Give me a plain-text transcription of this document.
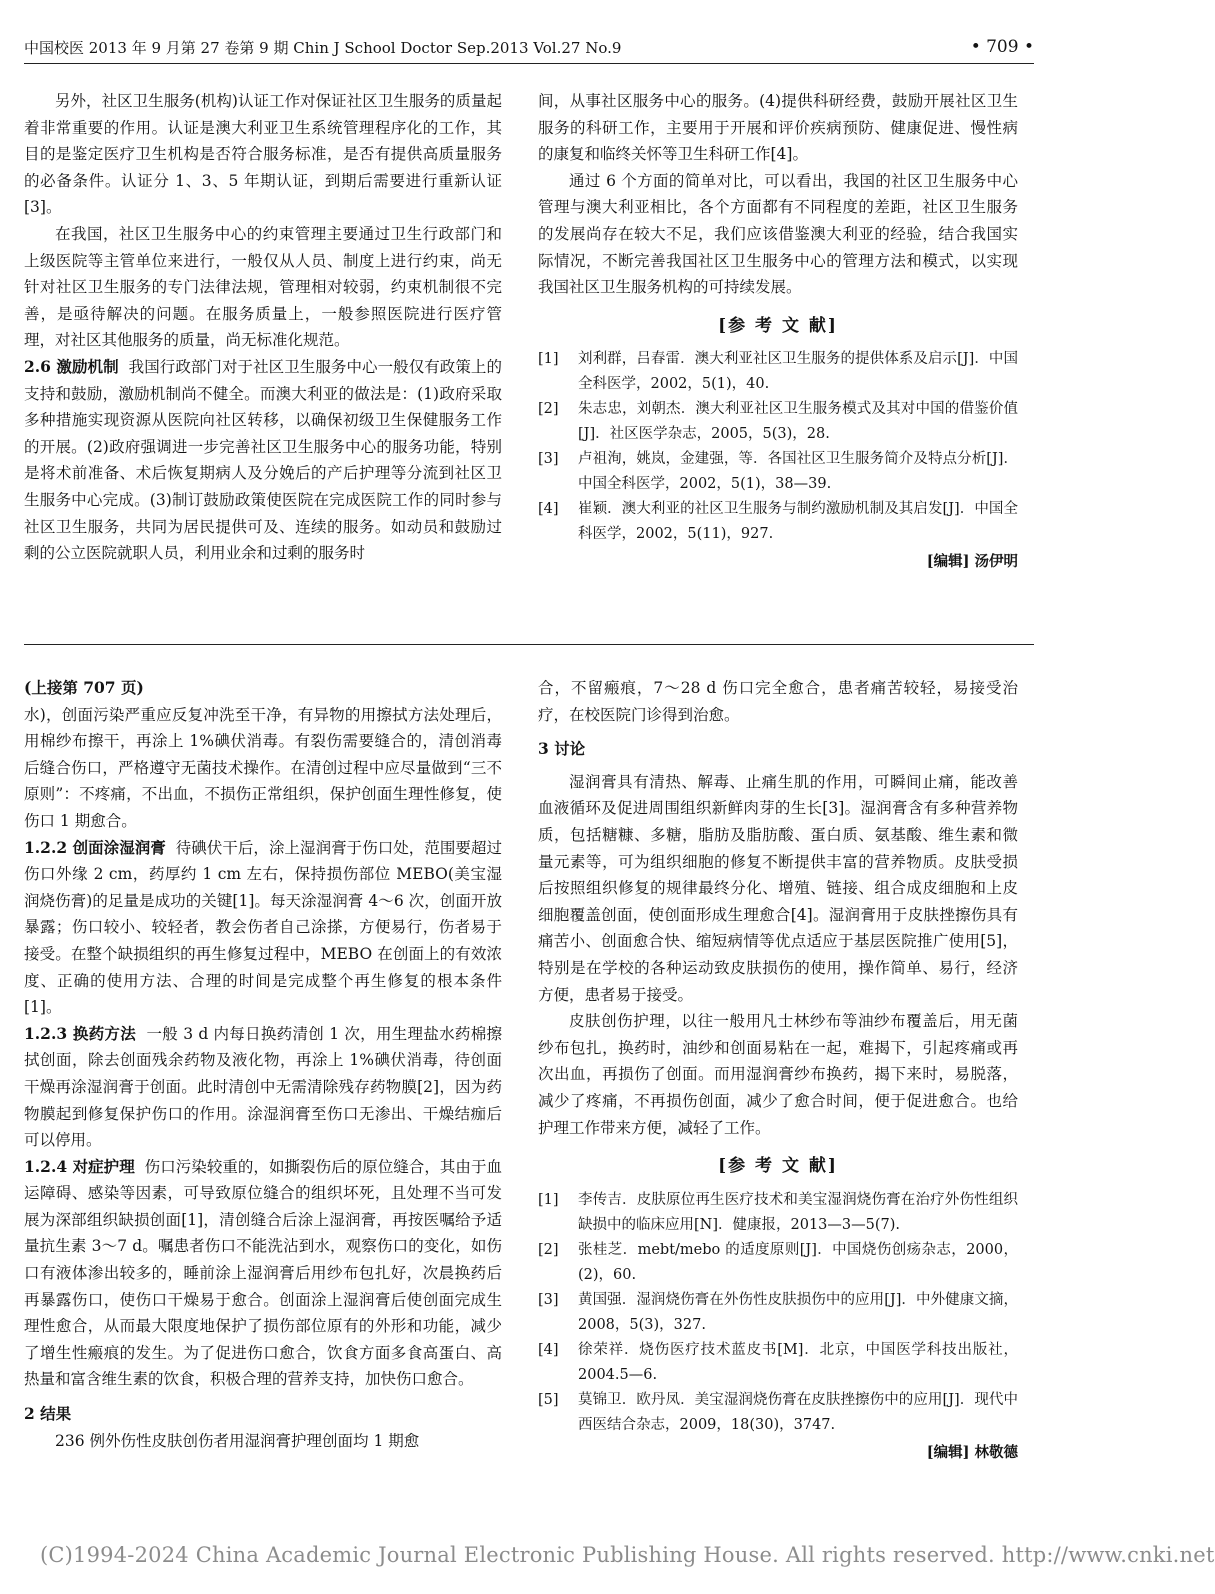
中国校医 2013 年 9 月第 27 卷第 9 期 Chin J School Doctor Sep.2013 Vol.27 No.9	• 709 •

另外，社区卫生服务(机构)认证工作对保证社区卫生服务的质量起着非常重要的作用。认证是澳大利亚卫生系统管理程序化的工作，其目的是鉴定医疗卫生机构是否符合服务标准，是否有提供高质量服务的必备条件。认证分 1、3、5 年期认证，到期后需要进行重新认证[3]。

在我国，社区卫生服务中心的约束管理主要通过卫生行政部门和上级医院等主管单位来进行，一般仅从人员、制度上进行约束，尚无针对社区卫生服务的专门法律法规，管理相对较弱，约束机制很不完善，是亟待解决的问题。在服务质量上，一般参照医院进行医疗管理，对社区其他服务的质量，尚无标准化规范。

2.6 激励机制 我国行政部门对于社区卫生服务中心一般仅有政策上的支持和鼓励，激励机制尚不健全。而澳大利亚的做法是：(1)政府采取多种措施实现资源从医院向社区转移，以确保初级卫生保健服务工作的开展。(2)政府强调进一步完善社区卫生服务中心的服务功能，特别是将术前准备、术后恢复期病人及分娩后的产后护理等分流到社区卫生服务中心完成。(3)制订鼓励政策使医院在完成医院工作的同时参与社区卫生服务，共同为居民提供可及、连续的服务。如动员和鼓励过剩的公立医院就职人员，利用业余和过剩的服务时

间，从事社区服务中心的服务。(4)提供科研经费，鼓励开展社区卫生服务的科研工作，主要用于开展和评价疾病预防、健康促进、慢性病的康复和临终关怀等卫生科研工作[4]。

通过 6 个方面的简单对比，可以看出，我国的社区卫生服务中心管理与澳大利亚相比，各个方面都有不同程度的差距，社区卫生服务的发展尚存在较大不足，我们应该借鉴澳大利亚的经验，结合我国实际情况，不断完善我国社区卫生服务中心的管理方法和模式，以实现我国社区卫生服务机构的可持续发展。

[参 考 文 献]
[1] 刘利群，吕春雷．澳大利亚社区卫生服务的提供体系及启示[J]．中国全科医学，2002，5(1)，40.
[2] 朱志忠，刘朝杰．澳大利亚社区卫生服务模式及其对中国的借鉴价值[J]．社区医学杂志，2005，5(3)，28.
[3] 卢祖洵，姚岚，金建强，等．各国社区卫生服务简介及特点分析[J]．中国全科医学，2002，5(1)，38—39.
[4] 崔颖．澳大利亚的社区卫生服务与制约激励机制及其启发[J]．中国全科医学，2002，5(11)，927.
[编辑] 汤伊明

(上接第 707 页)

水)，创面污染严重应反复冲洗至干净，有异物的用擦拭方法处理后，用棉纱布擦干，再涂上 1%碘伏消毒。有裂伤需要缝合的，清创消毒后缝合伤口，严格遵守无菌技术操作。在清创过程中应尽量做到“三不原则”：不疼痛，不出血，不损伤正常组织，保护创面生理性修复，使伤口 1 期愈合。

1.2.2 创面涂湿润膏 待碘伏干后，涂上湿润膏于伤口处，范围要超过伤口外缘 2 cm，药厚约 1 cm 左右，保持损伤部位 MEBO(美宝湿润烧伤膏)的足量是成功的关键[1]。每天涂湿润膏 4～6 次，创面开放暴露；伤口较小、较轻者，教会伤者自己涂搽，方便易行，伤者易于接受。在整个缺损组织的再生修复过程中，MEBO 在创面上的有效浓度、正确的使用方法、合理的时间是完成整个再生修复的根本条件[1]。

1.2.3 换药方法 一般 3 d 内每日换药清创 1 次，用生理盐水药棉擦拭创面，除去创面残余药物及液化物，再涂上 1%碘伏消毒，待创面干燥再涂湿润膏于创面。此时清创中无需清除残存药物膜[2]，因为药物膜起到修复保护伤口的作用。涂湿润膏至伤口无渗出、干燥结痂后可以停用。

1.2.4 对症护理 伤口污染较重的，如撕裂伤后的原位缝合，其由于血运障碍、感染等因素，可导致原位缝合的组织坏死，且处理不当可发展为深部组织缺损创面[1]，清创缝合后涂上湿润膏，再按医嘱给予适量抗生素 3～7 d。嘱患者伤口不能洗沾到水，观察伤口的变化，如伤口有液体渗出较多的，睡前涂上湿润膏后用纱布包扎好，次晨换药后再暴露伤口，使伤口干燥易于愈合。创面涂上湿润膏后使创面完成生理性愈合，从而最大限度地保护了损伤部位原有的外形和功能，减少了增生性瘢痕的发生。为了促进伤口愈合，饮食方面多食高蛋白、高热量和富含维生素的饮食，积极合理的营养支持，加快伤口愈合。

2 结果

236 例外伤性皮肤创伤者用湿润膏护理创面均 1 期愈

合，不留瘢痕，7～28 d 伤口完全愈合，患者痛苦较轻，易接受治疗，在校医院门诊得到治愈。

3 讨论

湿润膏具有清热、解毒、止痛生肌的作用，可瞬间止痛，能改善血液循环及促进周围组织新鲜肉芽的生长[3]。湿润膏含有多种营养物质，包括糖糠、多糖，脂肪及脂肪酸、蛋白质、氨基酸、维生素和微量元素等，可为组织细胞的修复不断提供丰富的营养物质。皮肤受损后按照组织修复的规律最终分化、增殖、链接、组合成皮细胞和上皮细胞覆盖创面，使创面形成生理愈合[4]。湿润膏用于皮肤挫擦伤具有痛苦小、创面愈合快、缩短病情等优点适应于基层医院推广使用[5]，特别是在学校的各种运动致皮肤损伤的使用，操作简单、易行，经济方便，患者易于接受。

皮肤创伤护理，以往一般用凡士林纱布等油纱布覆盖后，用无菌纱布包扎，换药时，油纱和创面易粘在一起，难揭下，引起疼痛或再次出血，再损伤了创面。而用湿润膏纱布换药，揭下来时，易脱落，减少了疼痛，不再损伤创面，减少了愈合时间，便于促进愈合。也给护理工作带来方便，减轻了工作。

[参 考 文 献]
[1] 李传吉．皮肤原位再生医疗技术和美宝湿润烧伤膏在治疗外伤性组织缺损中的临床应用[N]．健康报，2013—3—5(7).
[2] 张桂芝．mebt/mebo 的适度原则[J]．中国烧伤创疡杂志，2000，(2)，60.
[3] 黄国强．湿润烧伤膏在外伤性皮肤损伤中的应用[J]．中外健康文摘，2008，5(3)，327.
[4] 徐荣祥．烧伤医疗技术蓝皮书[M]．北京，中国医学科技出版社，2004.5—6.
[5] 莫锦卫．欧丹凤．美宝湿润烧伤膏在皮肤挫擦伤中的应用[J]．现代中西医结合杂志，2009，18(30)，3747.
[编辑] 林敬德
(C)1994-2024 China Academic Journal Electronic Publishing House. All rights reserved. http://www.cnki.net
